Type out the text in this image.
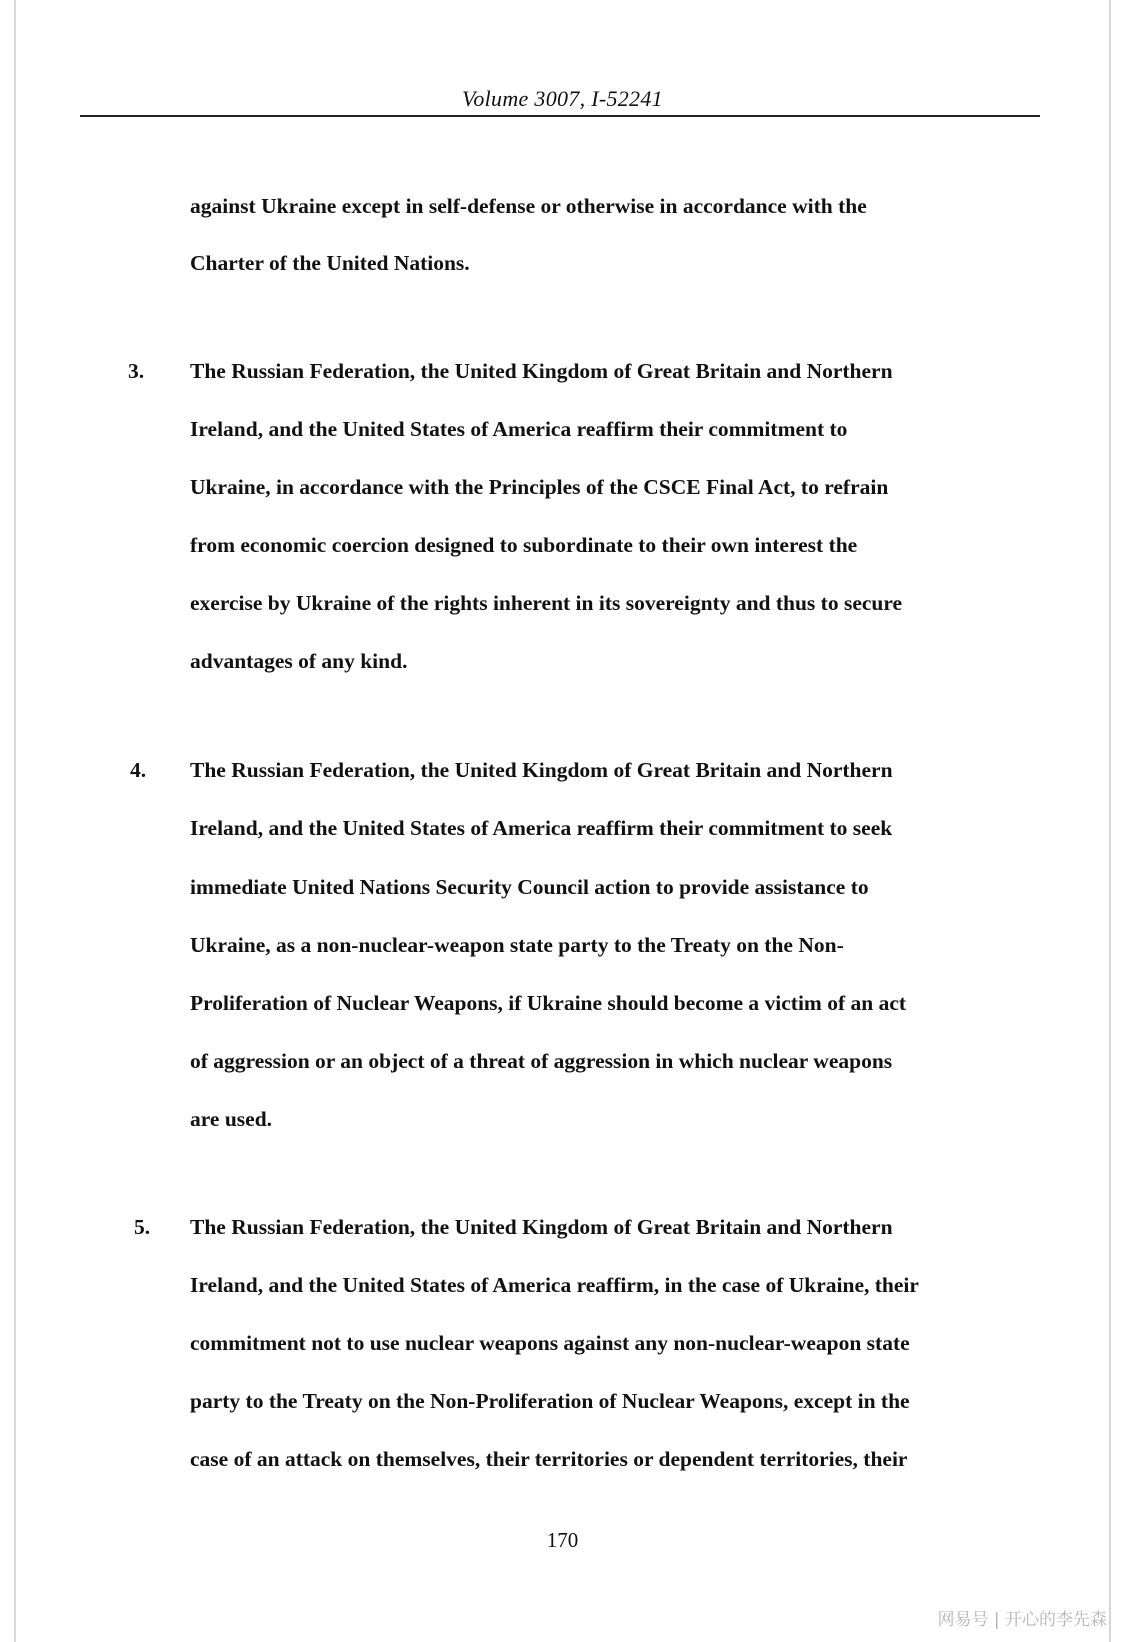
Volume 3007, I-52241
against Ukraine except in self-defense or otherwise in accordance with the
Charter of the United Nations.
3. The Russian Federation, the United Kingdom of Great Britain and Northern
Ireland, and the United States of America reaffirm their commitment to
Ukraine, in accordance with the Principles of the CSCE Final Act, to refrain
from economic coercion designed to subordinate to their own interest the
exercise by Ukraine of the rights inherent in its sovereignty and thus to secure
advantages of any kind.
4. The Russian Federation, the United Kingdom of Great Britain and Northern
Ireland, and the United States of America reaffirm their commitment to seek
immediate United Nations Security Council action to provide assistance to
Ukraine, as a non-nuclear-weapon state party to the Treaty on the Non-
Proliferation of Nuclear Weapons, if Ukraine should become a victim of an act
of aggression or an object of a threat of aggression in which nuclear weapons
are used.
5. The Russian Federation, the United Kingdom of Great Britain and Northern
Ireland, and the United States of America reaffirm, in the case of Ukraine, their
commitment not to use nuclear weapons against any non-nuclear-weapon state
party to the Treaty on the Non-Proliferation of Nuclear Weapons, except in the
case of an attack on themselves, their territories or dependent territories, their
170
网易号 | 开心的李先森
